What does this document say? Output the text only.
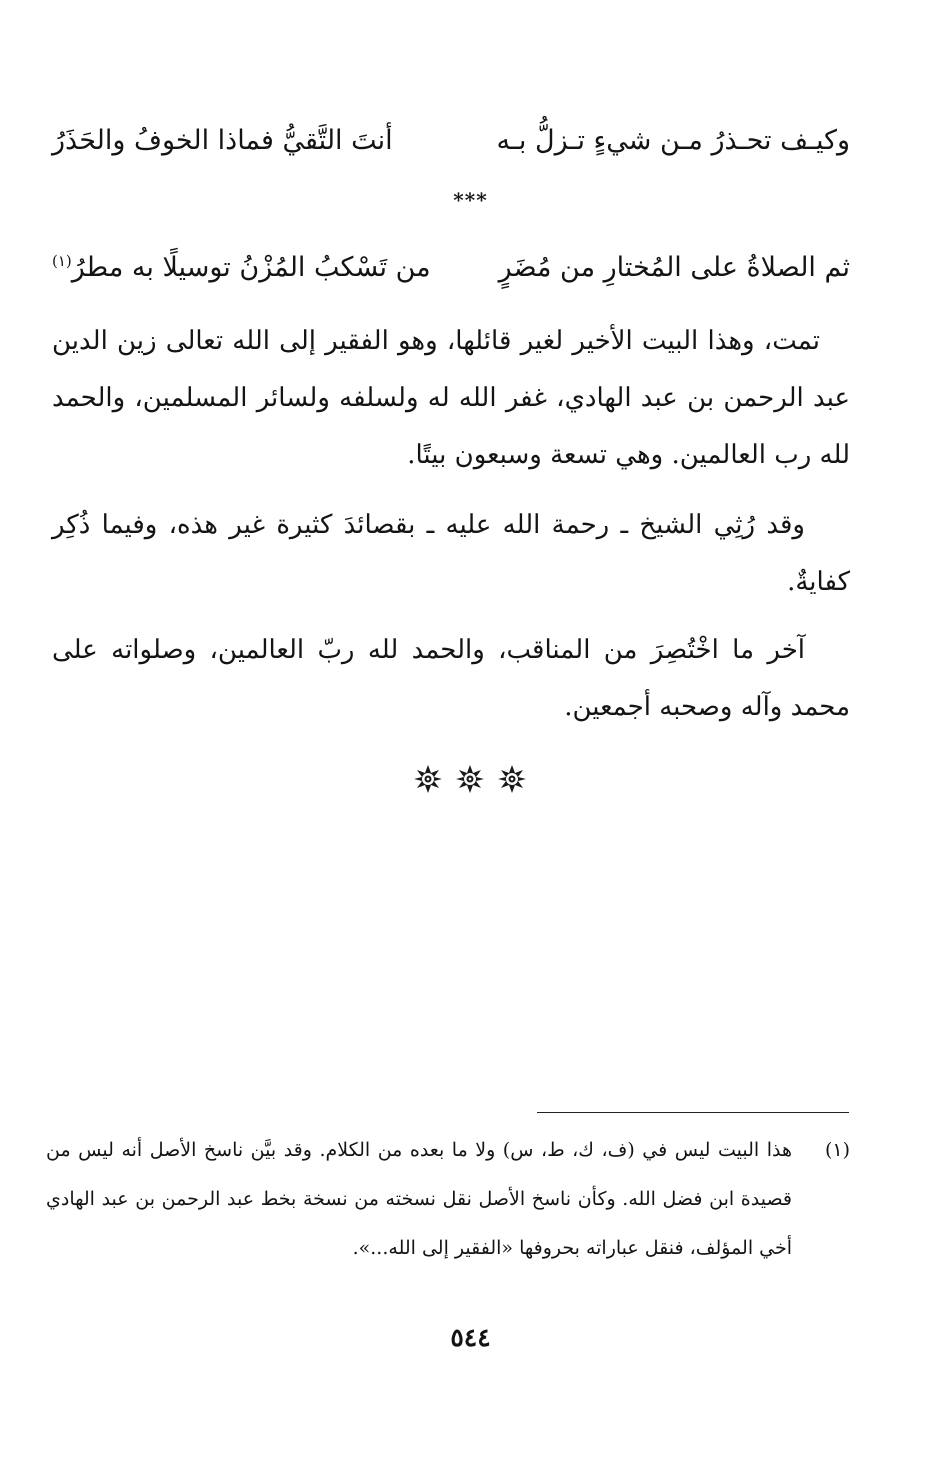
وكيـف تحـذرُ مـن شيءٍ تـزلُّ بـه
أنتَ التَّقيُّ فماذا الخوفُ والحَذَرُ
***
ثم الصلاةُ على المُختارِ من مُضَرٍ
من تَسْكبُ المُزْنُ توسيلًا به مطرُ$^{(١)}$

تمت، وهذا البيت الأخير لغير قائلها، وهو الفقير إلى الله تعالى زين الدين عبد الرحمن بن عبد الهادي، غفر الله له ولسلفه ولسائر المسلمين، والحمد لله رب العالمين. وهي تسعة وسبعون بيتًا.

وقد رُثِي الشيخ ـ رحمة الله عليه ـ بقصائدَ كثيرة غير هذه، وفيما ذُكِر كفايةٌ.

آخر ما اخْتُصِرَ من المناقب، والحمد لله ربّ العالمين، وصلواته على محمد وآله وصحبه أجمعين.

(١)
هذا البيت ليس في (ف، ك، ط، س) ولا ما بعده من الكلام. وقد بيَّن ناسخ الأصل أنه ليس من قصيدة ابن فضل الله. وكأن ناسخ الأصل نقل نسخته من نسخة بخط عبد الرحمن بن عبد الهادي أخي المؤلف، فنقل عباراته بحروفها «الفقير إلى الله...».
٥٤٤
